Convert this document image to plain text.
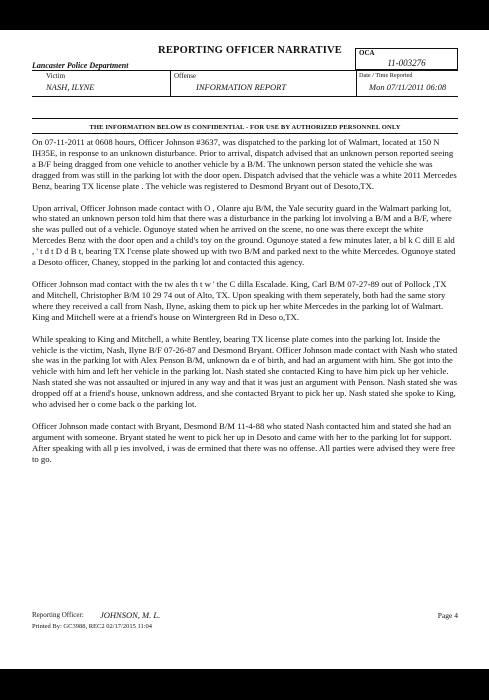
REPORTING OFFICER NARRATIVE	OCA
11-003276
Lancaster Police Department
Victim
NASH, ILYNE
Offense
INFORMATION REPORT
Date / Time Reported
Mon 07/11/2011 06:08
THE INFORMATION BELOW IS CONFIDENTIAL - FOR USE BY AUTHORIZED PERSONNEL ONLY

On 07-11-2011 at 0608 hours, Officer Johnson #3637, was dispatched to the parking lot of Walmart, located at 150 N IH35E, in response to an unknown disturbance. Prior to arrival, dispatch advised that an unknown person reported seeing a B/F being dragged from one vehicle to another vehicle by a B/M. The unknown person stated the vehicle she was dragged from was still in the parking lot with the door open. Dispatch advised that the vehicle was a white 2011 Mercedes Benz, bearing TX license plate . The vehicle was registered to Desmond Bryant out of Desoto,TX.

Upon arrival, Officer Johnson made contact with O , Olanre aju B/M, the Yale security guard in the Walmart parking lot, who stated an unknown person told him that there was a disturbance in the parking lot involving a B/M and a B/F, where she was pulled out of a vehicle. Ogunoye stated when he arrived on the scene, no one was there except the white Mercedes Benz with the door open and a child's toy on the ground. Ogunoye stated a few minutes later, a bl k C dill E ald , ' t d t D d B t, bearing TX l'cense plate showed up with two B/M and parked next to the white Mercedes. Ogunoye stated a Desoto officer, Chaney, stopped in the parking lot and contacted this agency.

Officer Johnson mad contact with the tw ales th t w ' the C dilla Escalade. King, Carl B/M 07-27-89 out of Pollock ,TX and Mitchell, Christopher B/M 10 29 74 out of Alto, TX. Upon speaking with them seperately, both had the same story where they received a call from Nash, Ilyne, asking them to pick up her white Mercedes in the parking lot of Walmart. King and Mitchell were at a friend's house on Wintergreen Rd in Deso o,TX.

While speaking to King and Mitchell, a white Bentley, bearing TX license plate comes into the parking lot. Inside the vehicle is the victim, Nash, Ilyne B/F 07-26-87 and Desmond Bryant. Officer Johnson made contact with Nash who stated she was in the parking lot with Alex Penson B/M, unknown da e of birth, and had an argument with him. She got into the vehicle with him and left her vehicle in the parking lot. Nash stated she contacted King to have him pick up her vehicle. Nash stated she was not assaulted or injured in any way and that it was just an argument with Penson. Nash stated she was dropped off at a friend's house, unknown address, and she contacted Bryant to pick her up. Nash stated she spoke to King, who advised her o come back o the parking lot.

Officer Johnson made contact with Bryant, Desmond B/M 11-4-88 who stated Nash contacted him and stated she had an argument with someone. Bryant stated he went to pick her up in Desoto and came with her to the parking lot for support. After speaking with all p ies involved, i was de ermined that there was no offense. All parties were advised they were free to go.

Reporting Officer: JOHNSON, M. L.
Printed By: GC3988, REC2 02/17/2015 11:04
Page 4
